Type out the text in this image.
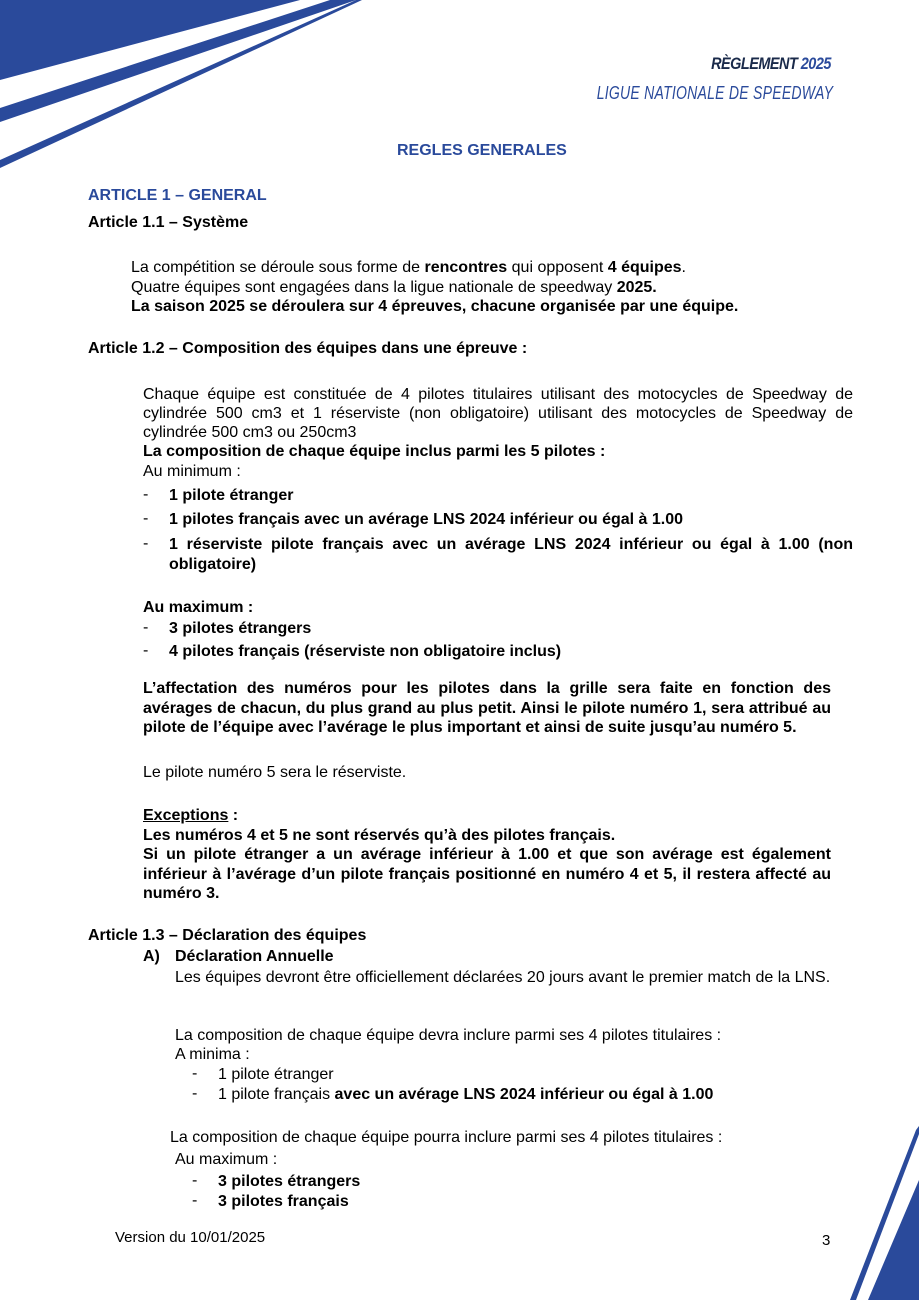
RÈGLEMENT 2025
LIGUE NATIONALE DE SPEEDWAY
REGLES GENERALES
ARTICLE 1 – GENERAL
Article 1.1 – Système
La compétition se déroule sous forme de rencontres qui opposent 4 équipes.
Quatre équipes sont engagées dans la ligue nationale de speedway 2025.
La saison 2025 se déroulera sur 4 épreuves, chacune organisée par une équipe.
Article 1.2 – Composition des équipes dans une épreuve :
Chaque équipe est constituée de 4 pilotes titulaires utilisant des motocycles de Speedway de cylindrée 500 cm3 et 1 réserviste (non obligatoire) utilisant des motocycles de Speedway de cylindrée 500 cm3 ou 250cm3
La composition de chaque équipe inclus parmi les 5 pilotes :
Au minimum :
- 1 pilote étranger
- 1 pilotes français avec un avérage LNS 2024 inférieur ou égal à 1.00
- 1 réserviste pilote français avec un avérage LNS 2024 inférieur ou égal à 1.00 (non obligatoire)
Au maximum :
- 3 pilotes étrangers
- 4 pilotes français (réserviste non obligatoire inclus)
L’affectation des numéros pour les pilotes dans la grille sera faite en fonction des avérages de chacun, du plus grand au plus petit. Ainsi le pilote numéro 1, sera attribué au pilote de l’équipe avec l’avérage le plus important et ainsi de suite jusqu’au numéro 5.
Le pilote numéro 5 sera le réserviste.
Exceptions :
Les numéros 4 et 5 ne sont réservés qu’à des pilotes français.
Si un pilote étranger a un avérage inférieur à 1.00 et que son avérage est également inférieur à l’avérage d’un pilote français positionné en numéro 4 et 5, il restera affecté au numéro 3.
Article 1.3 – Déclaration des équipes
A) Déclaration Annuelle
Les équipes devront être officiellement déclarées 20 jours avant le premier match de la LNS.
La composition de chaque équipe devra inclure parmi ses 4 pilotes titulaires :
A minima :
- 1 pilote étranger
- 1 pilote français avec un avérage LNS 2024 inférieur ou égal à 1.00
La composition de chaque équipe pourra inclure parmi ses 4 pilotes titulaires :
Au maximum :
- 3 pilotes étrangers
- 3 pilotes français
Version du 10/01/2025	3
